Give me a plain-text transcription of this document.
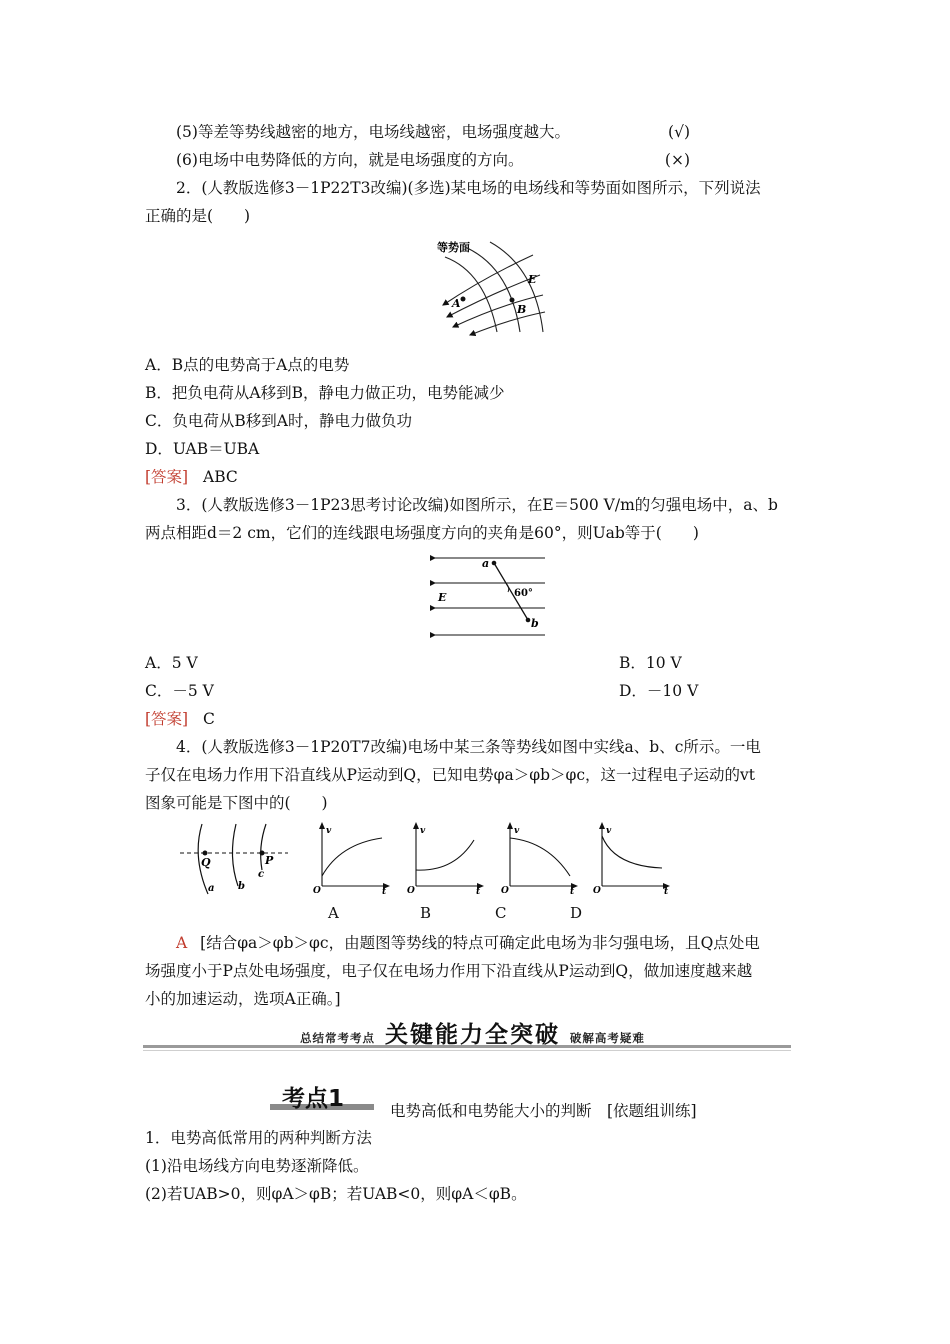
(5)等差等势线越密的地方，电场线越密，电场强度越大。	(√)
(6)电场中电势降低的方向，就是电场强度的方向。	(×)
2．(人教版选修3－1P22T3改编)(多选)某电场的电场线和等势面如图所示，下列说法
正确的是(　　)
等势面
A	B
E
A．B点的电势高于A点的电势
B．把负电荷从A移到B，静电力做正功，电势能减少
C．负电荷从B移到A时，静电力做负功
D．UAB＝UBA
[答案] ABC
3．(人教版选修3－1P23思考讨论改编)如图所示，在E＝500 V/m的匀强电场中，a、b
两点相距d＝2 cm，它们的连线跟电场强度方向的夹角是60°，则Uab等于(　　)
a
b
E	60°
A．5 V	B．10 V
C．－5 V	D．－10 V
[答案] C
4．(人教版选修3－1P20T7改编)电场中某三条等势线如图中实线a、b、c所示。一电
子仅在电场力作用下沿直线从P运动到Q，已知电势φa＞φb＞φc，这一过程电子运动的vt
图象可能是下图中的(　　)
Q	P
a b
c
v
t
O
v
t
O
v
t
O
v
t
O
A	B	C	D
A [结合φa＞φb＞φc，由题图等势线的特点可确定此电场为非匀强电场，且Q点处电
场强度小于P点处电场强度，电子仅在电场力作用下沿直线从P运动到Q，做加速度越来越
小的加速运动，选项A正确。]
总结常考考点 关键能力全突破 破解高考疑难
考点1	电势高低和电势能大小的判断　[依题组训练]
1．电势高低常用的两种判断方法
(1)沿电场线方向电势逐渐降低。
(2)若UAB>0，则φA＞φB；若UAB<0，则φA＜φB。
